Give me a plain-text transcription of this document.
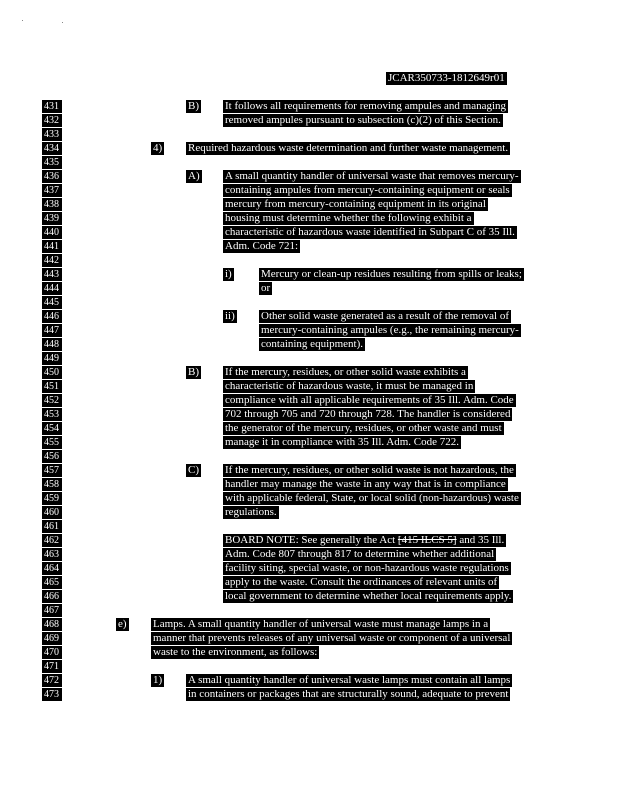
JCAR350733-1812649r01
431
432
433
434
435
436
437
438
439
440
441
442
443
444
445
446
447
448
449
450
451
452
453
454
455
456
457
458
459
460
461
462
463
464
465
466
467
468
469
470
471
472
473
B) It follows all requirements for removing ampules and managing
removed ampules pursuant to subsection (c)(2) of this Section.
4) Required hazardous waste determination and further waste management.
A) A small quantity handler of universal waste that removes mercury-
containing ampules from mercury-containing equipment or seals
mercury from mercury-containing equipment in its original
housing must determine whether the following exhibit a
characteristic of hazardous waste identified in Subpart C of 35 Ill.
Adm. Code 721:
i)	Mercury or clean-up residues resulting from spills or leaks;
or
ii) Other solid waste generated as a result of the removal of
mercury-containing ampules (e.g., the remaining mercury-
containing equipment).
B) If the mercury, residues, or other solid waste exhibits a
characteristic of hazardous waste, it must be managed in
compliance with all applicable requirements of 35 Ill. Adm. Code
702 through 705 and 720 through 728. The handler is considered
the generator of the mercury, residues, or other waste and must
manage it in compliance with 35 Ill. Adm. Code 722.
C) If the mercury, residues, or other solid waste is not hazardous, the
handler may manage the waste in any way that is in compliance
with applicable federal, State, or local solid (non-hazardous) waste
regulations.
BOARD NOTE: See generally the Act [415 ILCS 5] and 35 Ill.
Adm. Code 807 through 817 to determine whether additional
facility siting, special waste, or non-hazardous waste regulations
apply to the waste. Consult the ordinances of relevant units of
local government to determine whether local requirements apply.
e) Lamps. A small quantity handler of universal waste must manage lamps in a
manner that prevents releases of any universal waste or component of a universal
waste to the environment, as follows:
1) A small quantity handler of universal waste lamps must contain all lamps
in containers or packages that are structurally sound, adequate to prevent
